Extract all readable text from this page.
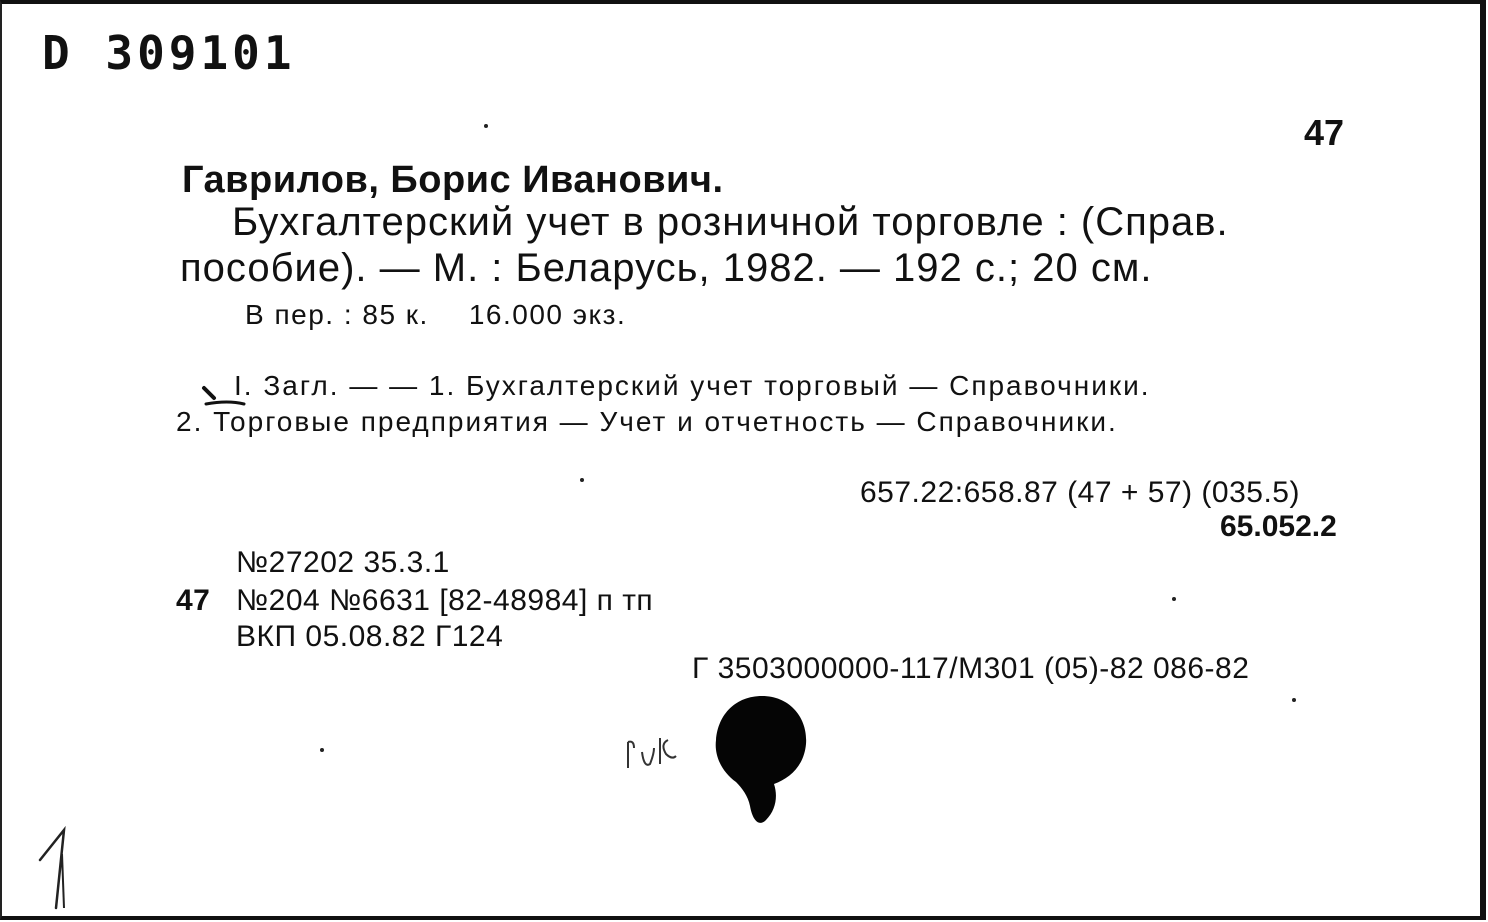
D 309101
47
Гаврилов, Борис Иванович.
Бухгалтерский учет в розничной торговле : (Справ.
пособие). — М. : Беларусь, 1982. — 192 с.; 20 см.
В пер. : 85 к. 16.000 экз.
I. Загл. — — 1. Бухгалтерский учет торговый — Справочники.
2. Торговые предприятия — Учет и отчетность — Справочники.
657.22:658.87 (47 + 57) (035.5)
65.052.2
№27202 35.3.1
47 №204 №6631 [82-48984] п тп
ВКП 05.08.82 Г124
Г 3503000000-117/М301 (05)-82 086-82
